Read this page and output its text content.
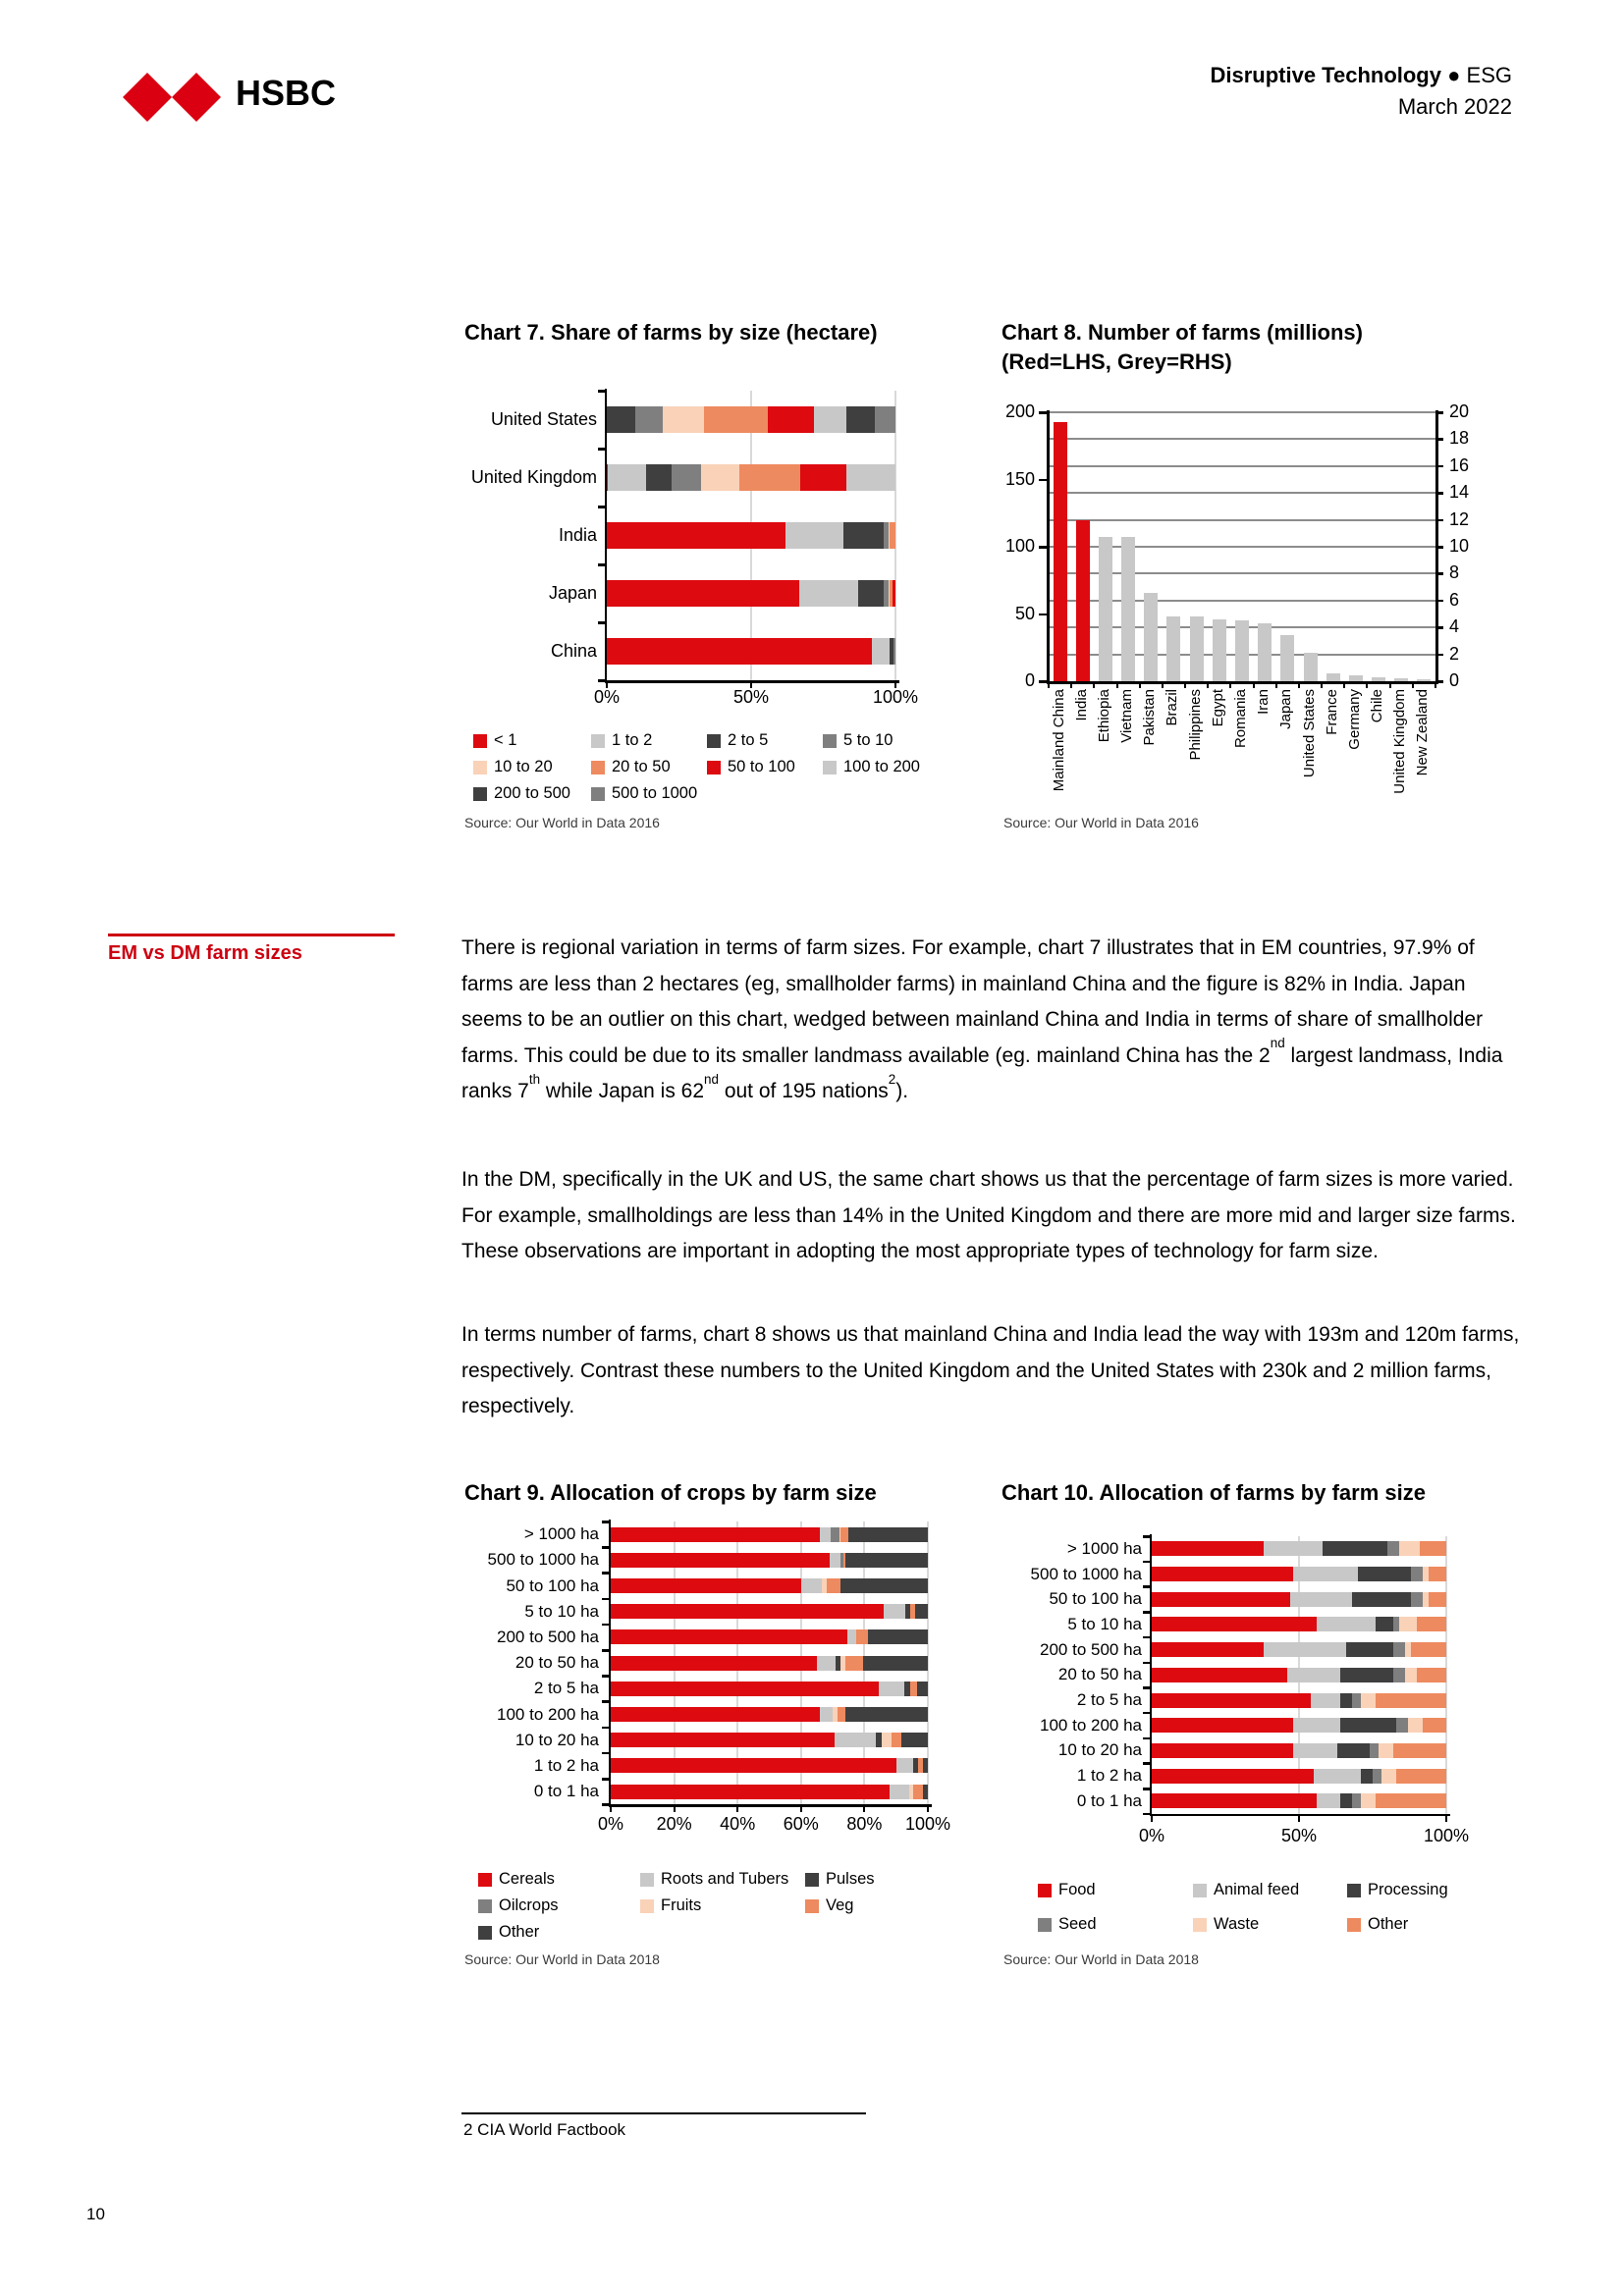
HSBC	Disruptive Technology ● ESG
March 2022
Chart 7. Share of farms by size (hectare)	Chart 8. Number of farms (millions)
(Red=LHS, Grey=RHS)
United States
United Kingdom
India
Japan
China
0%	50%	100%
20
18
16
14
12
10
8
6
4
2
0
200
150
100
50
0
Mainland China India Ethiopia Vietnam Pakistan Brazil Philippines Egypt Romania Iran Japan United States France Germany Chile United Kingdom New Zealand
< 1	1 to 2	2 to 5	5 to 10
10 to 20	20 to 50	50 to 100	100 to 200
200 to 500	500 to 1000
Source: Our World in Data 2016	Source: Our World in Data 2016
EM vs DM farm sizes	There is regional variation in terms of farm sizes. For example, chart 7 illustrates that in EM countries, 97.9% of farms are less than 2 hectares (eg, smallholder farms) in mainland China and the figure is 82% in India. Japan seems to be an outlier on this chart, wedged between mainland China and India in terms of share of smallholder farms. This could be due to its smaller landmass available (eg. mainland China has the 2nd largest landmass, India ranks 7th while Japan is 62nd out of 195 nations$^2$).

In the DM, specifically in the UK and US, the same chart shows us that the percentage of farm sizes is more varied. For example, smallholdings are less than 14% in the United Kingdom and there are more mid and larger size farms. These observations are important in adopting the most appropriate types of technology for farm size.

In terms number of farms, chart 8 shows us that mainland China and India lead the way with 193m and 120m farms, respectively. Contrast these numbers to the United Kingdom and the United States with 230k and 2 million farms, respectively.

Chart 9. Allocation of crops by farm size	Chart 10. Allocation of farms by farm size
> 1000 ha
500 to 1000 ha
50 to 100 ha
5 to 10 ha
200 to 500 ha
20 to 50 ha
2 to 5 ha
100 to 200 ha
10 to 20 ha
1 to 2 ha
0 to 1 ha
0%	20%	40%	60%	80%	100%
> 1000 ha
500 to 1000 ha
50 to 100 ha
5 to 10 ha
200 to 500 ha
20 to 50 ha
2 to 5 ha
100 to 200 ha
10 to 20 ha
1 to 2 ha
0 to 1 ha
0%	50%	100%
Cereals	Roots and Tubers Pulses
Oilcrops	Fruits	Veg
Other
Food	Animal feed	Processing
Seed	Waste	Other
Source: Our World in Data 2018	Source: Our World in Data 2018
2 CIA World Factbook
10
